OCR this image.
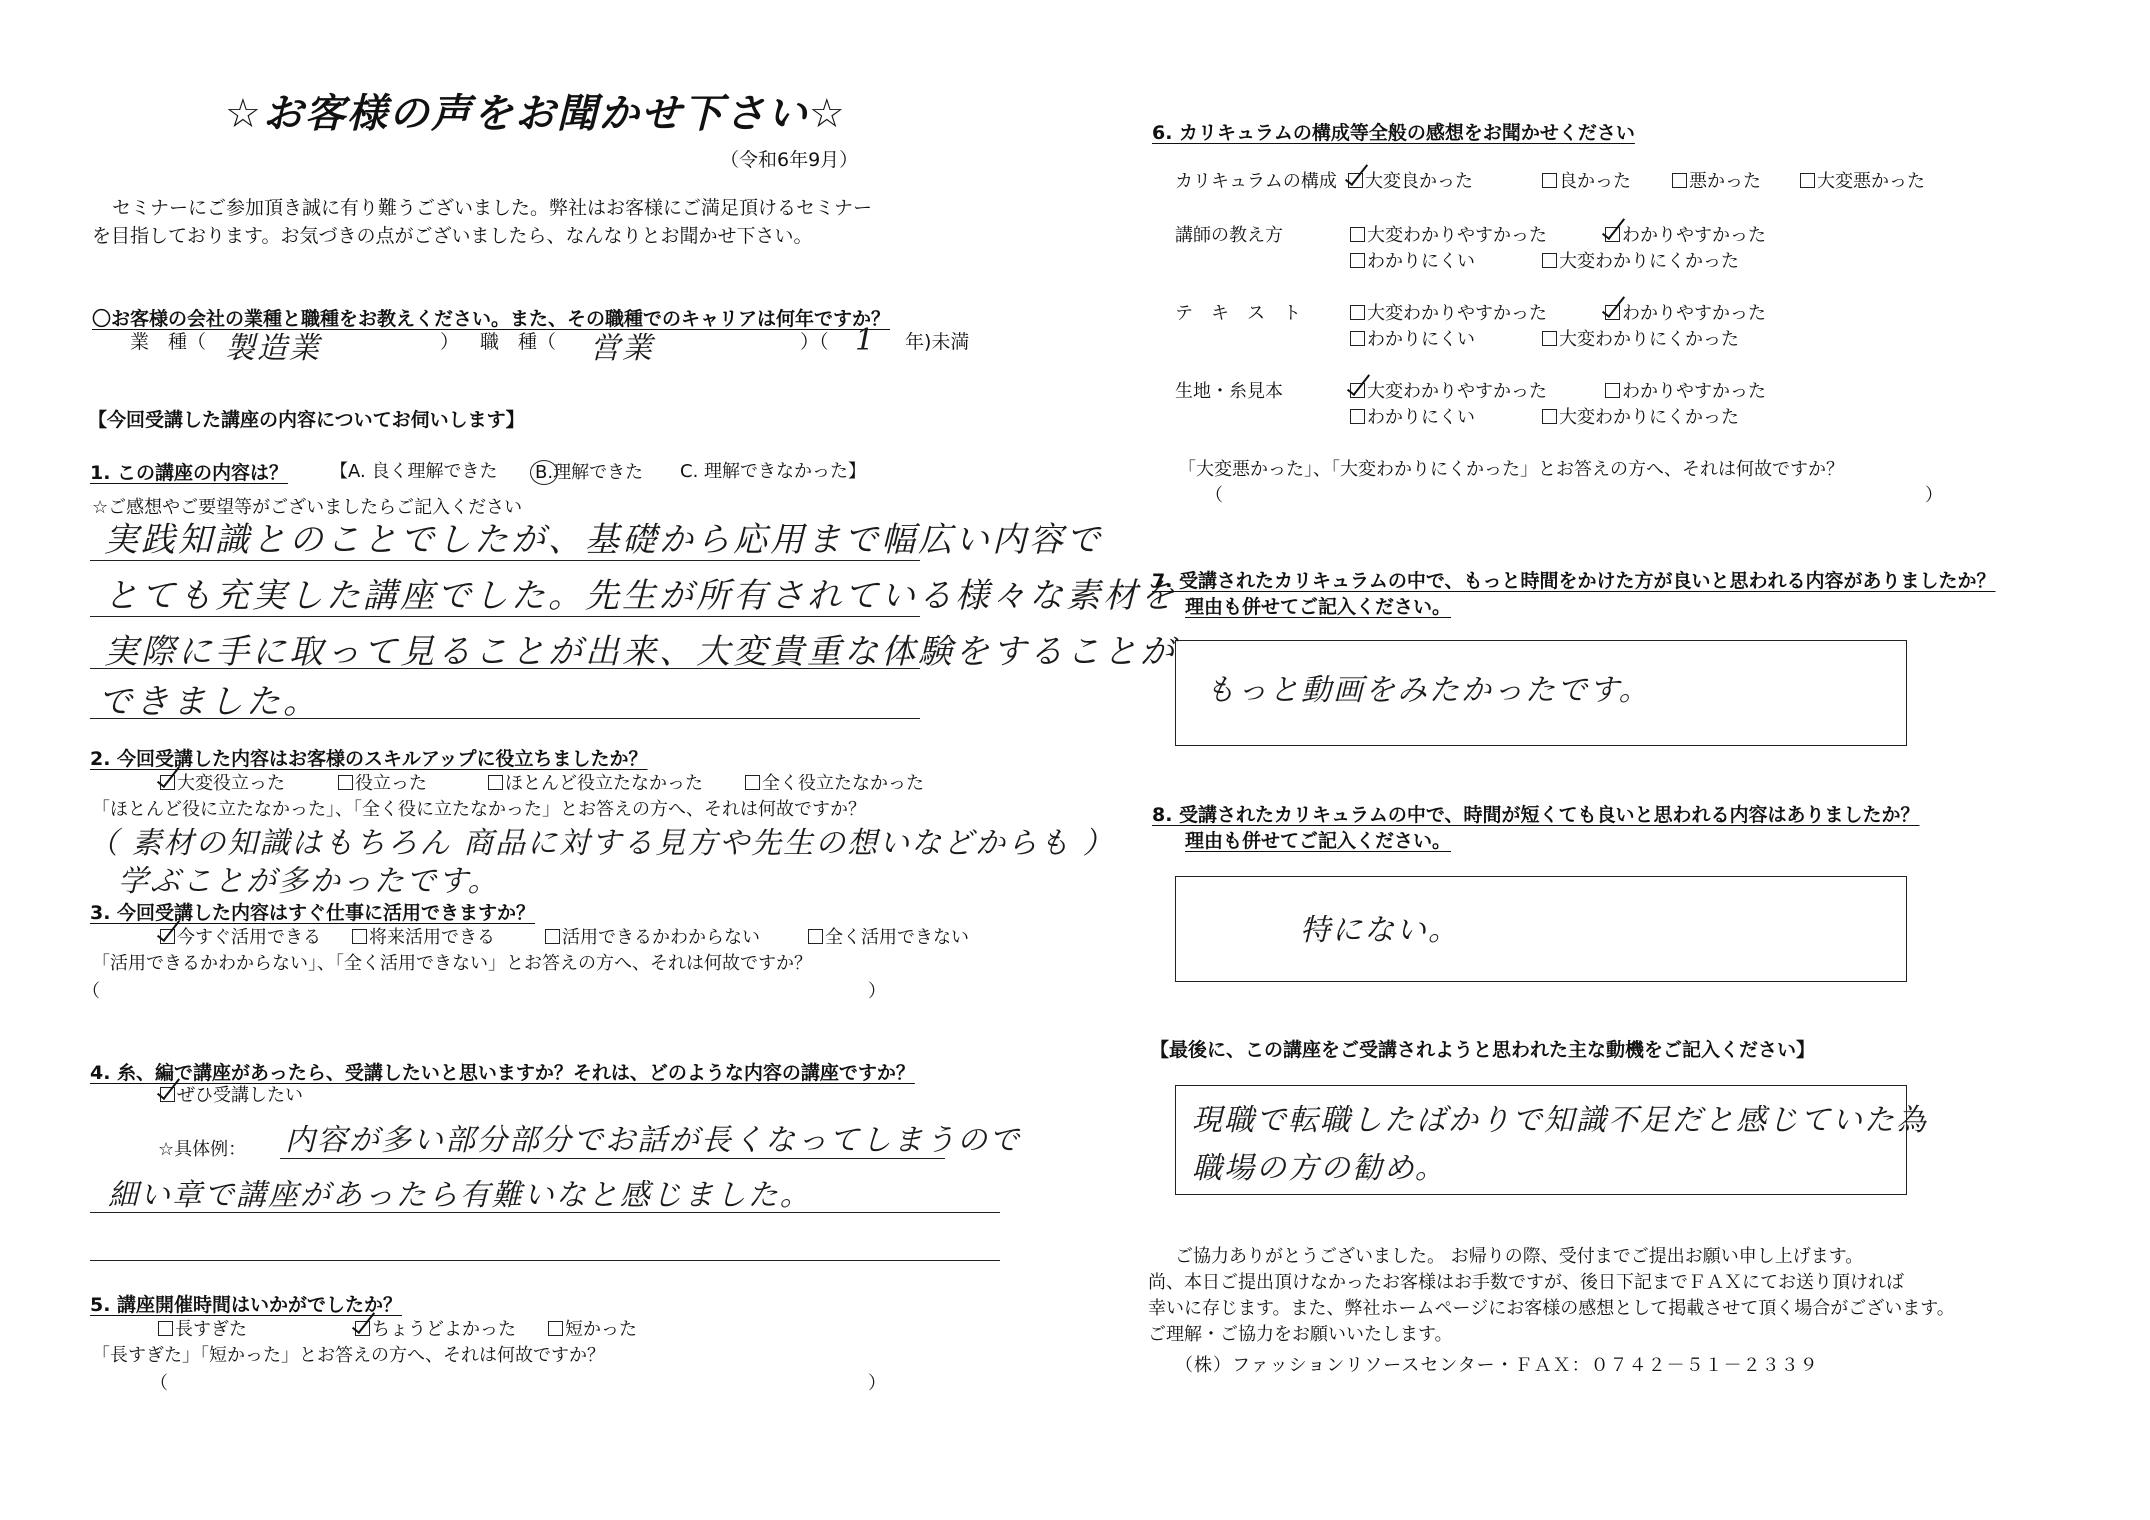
☆お客様の声をお聞かせ下さい☆
（令和6年9月）
セミナーにご参加頂き誠に有り難うございました。弊社はお客様にご満足頂けるセミナー
を目指しております。お気づきの点がございましたら、なんなりとお聞かせ下さい。
〇お客様の会社の業種と職種をお教えください。また、その職種でのキャリアは何年ですか？
業　種（ 製造業	） 職　種（ 営業	）（ 1 年)未満
【今回受講した講座の内容についてお伺いします】
1. この講座の内容は？ 【A. 良く理解できた B.理解できた C. 理解できなかった】
☆ご感想やご要望等がございましたらご記入ください
実践知識とのことでしたが、基礎から応用まで幅広い内容で
とても充実した講座でした。先生が所有されている様々な素材を
実際に手に取って見ることが出来、大変貴重な体験をすることが
できました。
2. 今回受講した内容はお客様のスキルアップに役立ちましたか？
大変役立った	役立った	ほとんど役立たなかった	全く役立たなかった
「ほとんど役に立たなかった」、「全く役に立たなかった」とお答えの方へ、それは何故ですか？
（ 素材の知識はもちろん 商品に対する見方や先生の想いなどからも ）
学ぶことが多かったです。
3. 今回受講した内容はすぐ仕事に活用できますか？
今すぐ活用できる	将来活用できる	活用できるかわからない	全く活用できない
「活用できるかわからない」、「全く活用できない」とお答えの方へ、それは何故ですか？
（	）
4. 糸、編で講座があったら、受講したいと思いますか？それは、どのような内容の講座ですか？
ぜひ受講したい
☆具体例： 内容が多い部分部分でお話が長くなってしまうので
細い章で講座があったら有難いなと感じました。
5. 講座開催時間はいかがでしたか？
長すぎた	ちょうどよかった	短かった
「長すぎた」「短かった」とお答えの方へ、それは何故ですか？
（	）
6. カリキュラムの構成等全般の感想をお聞かせください
カリキュラムの構成	大変良かった	良かった	悪かった	大変悪かった
講師の教え方	大変わかりやすかった	わかりやすかった
わかりにくい	大変わかりにくかった
テ　キ　ス　ト	大変わかりやすかった	わかりやすかった
わかりにくい	大変わかりにくかった
生地・糸見本	大変わかりやすかった	わかりやすかった
わかりにくい	大変わかりにくかった
「大変悪かった」、「大変わかりにくかった」とお答えの方へ、それは何故ですか？
（	）
7. 受講されたカリキュラムの中で、もっと時間をかけた方が良いと思われる内容がありましたか？
理由も併せてご記入ください。
もっと動画をみたかったです。
8. 受講されたカリキュラムの中で、時間が短くても良いと思われる内容はありましたか？
理由も併せてご記入ください。
特にない。
【最後に、この講座をご受講されようと思われた主な動機をご記入ください】
現職で転職したばかりで知識不足だと感じていた為
職場の方の勧め。
ご協力ありがとうございました。 お帰りの際、受付までご提出お願い申し上げます。
尚、本日ご提出頂けなかったお客様はお手数ですが、後日下記までＦＡＸにてお送り頂ければ
幸いに存じます。また、弊社ホームページにお客様の感想として掲載させて頂く場合がございます。
ご理解・ご協力をお願いいたします。
（株）ファッションリソースセンター・ＦＡＸ：０７４２－５１－２３３９
